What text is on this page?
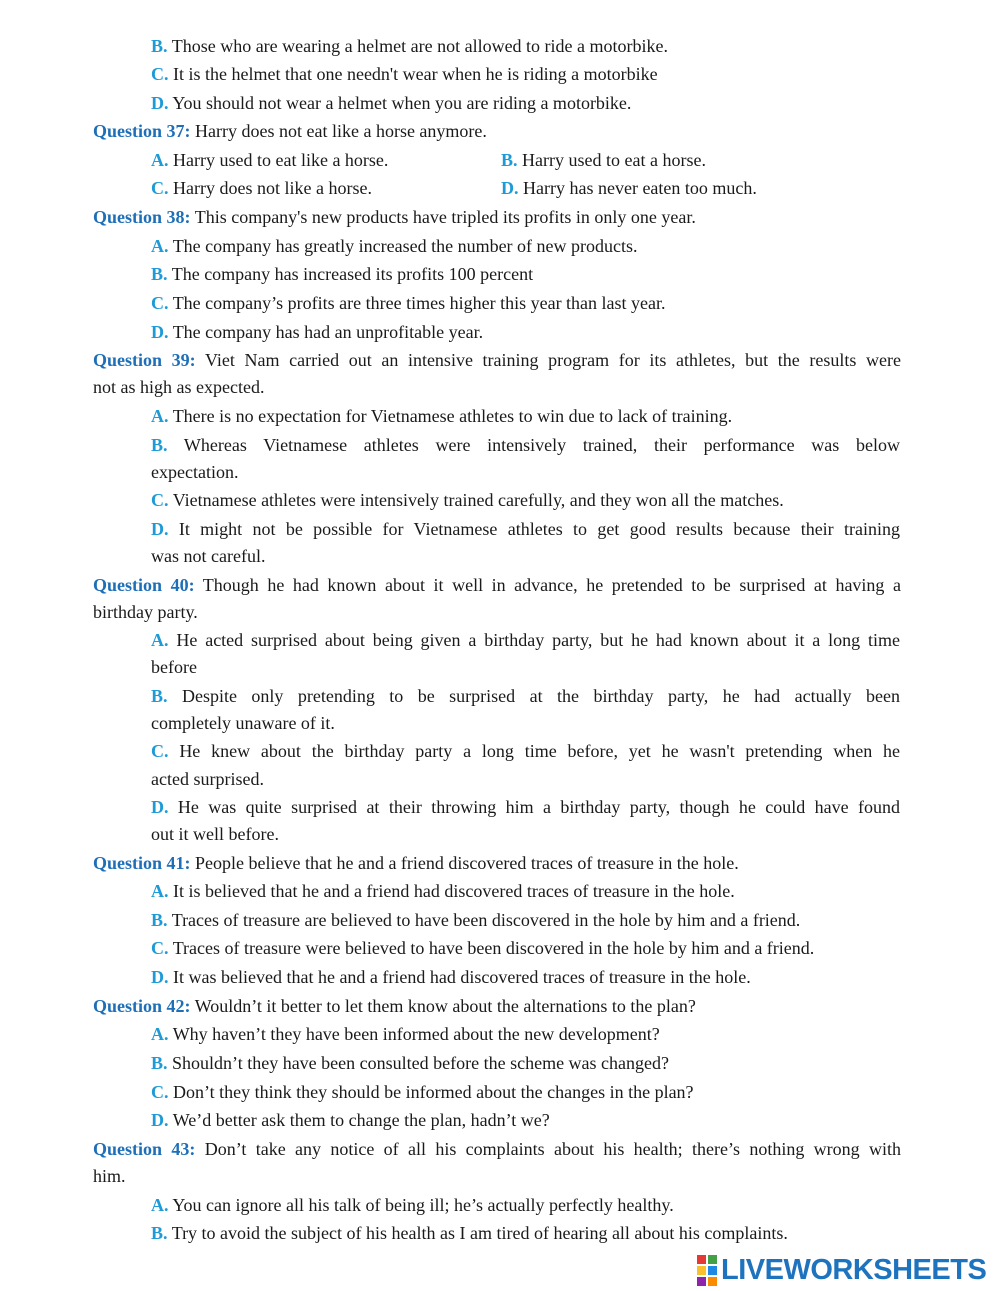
B. Those who are wearing a helmet are not allowed to ride a motorbike.
C. It is the helmet that one needn't wear when he is riding a motorbike
D. You should not wear a helmet when you are riding a motorbike.
Question 37: Harry does not eat like a horse anymore.
A. Harry used to eat like a horse.	B. Harry used to eat a horse.
C. Harry does not like a horse.	D. Harry has never eaten too much.
Question 38: This company's new products have tripled its profits in only one year.
A. The company has greatly increased the number of new products.
B. The company has increased its profits 100 percent
C. The company’s profits are three times higher this year than last year.
D. The company has had an unprofitable year.
Question 39: Viet Nam carried out an intensive training program for its athletes, but the results were
not as high as expected.
A. There is no expectation for Vietnamese athletes to win due to lack of training.
B. Whereas Vietnamese athletes were intensively trained, their performance was below
expectation.
C. Vietnamese athletes were intensively trained carefully, and they won all the matches.
D. It might not be possible for Vietnamese athletes to get good results because their training
was not careful.
Question 40: Though he had known about it well in advance, he pretended to be surprised at having a
birthday party.
A. He acted surprised about being given a birthday party, but he had known about it a long time
before
B. Despite only pretending to be surprised at the birthday party, he had actually been
completely unaware of it.
C. He knew about the birthday party a long time before, yet he wasn't pretending when he
acted surprised.
D. He was quite surprised at their throwing him a birthday party, though he could have found
out it well before.
Question 41: People believe that he and a friend discovered traces of treasure in the hole.
A. It is believed that he and a friend had discovered traces of treasure in the hole.
B. Traces of treasure are believed to have been discovered in the hole by him and a friend.
C. Traces of treasure were believed to have been discovered in the hole by him and a friend.
D. It was believed that he and a friend had discovered traces of treasure in the hole.
Question 42: Wouldn’t it better to let them know about the alternations to the plan?
A. Why haven’t they have been informed about the new development?
B. Shouldn’t they have been consulted before the scheme was changed?
C. Don’t they think they should be informed about the changes in the plan?
D. We’d better ask them to change the plan, hadn’t we?
Question 43: Don’t take any notice of all his complaints about his health; there’s nothing wrong with
him.
A. You can ignore all his talk of being ill; he’s actually perfectly healthy.
B. Try to avoid the subject of his health as I am tired of hearing all about his complaints.
LIVEWORKSHEETS
